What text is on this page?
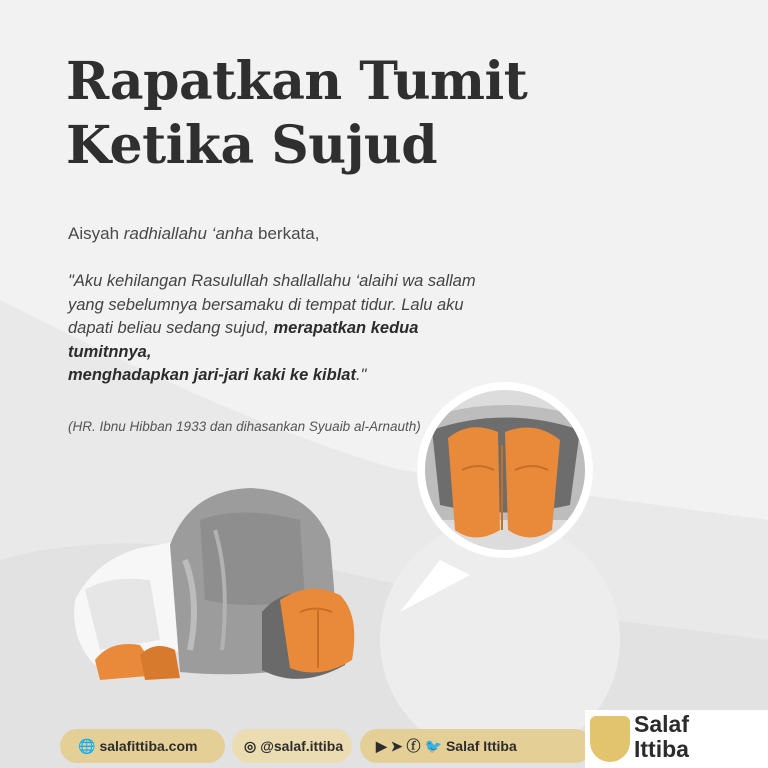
Rapatkan Tumit
Ketika Sujud
Aisyah radhiallahu ‘anha berkata,
"Aku kehilangan Rasulullah shallallahu ‘alaihi wa sallam yang sebelumnya bersamaku di tempat tidur. Lalu aku dapati beliau sedang sujud, merapatkan kedua tumitnnya,
menghadapkan jari-jari kaki ke kiblat."
(HR. Ibnu Hibban 1933 dan dihasankan Syuaib al-Arnauth)
🌐 salafittiba.com	◎ @salaf.ittiba ▶ ➤ ⓕ 🐦 Salaf Ittiba
Salaf
Ittiba
